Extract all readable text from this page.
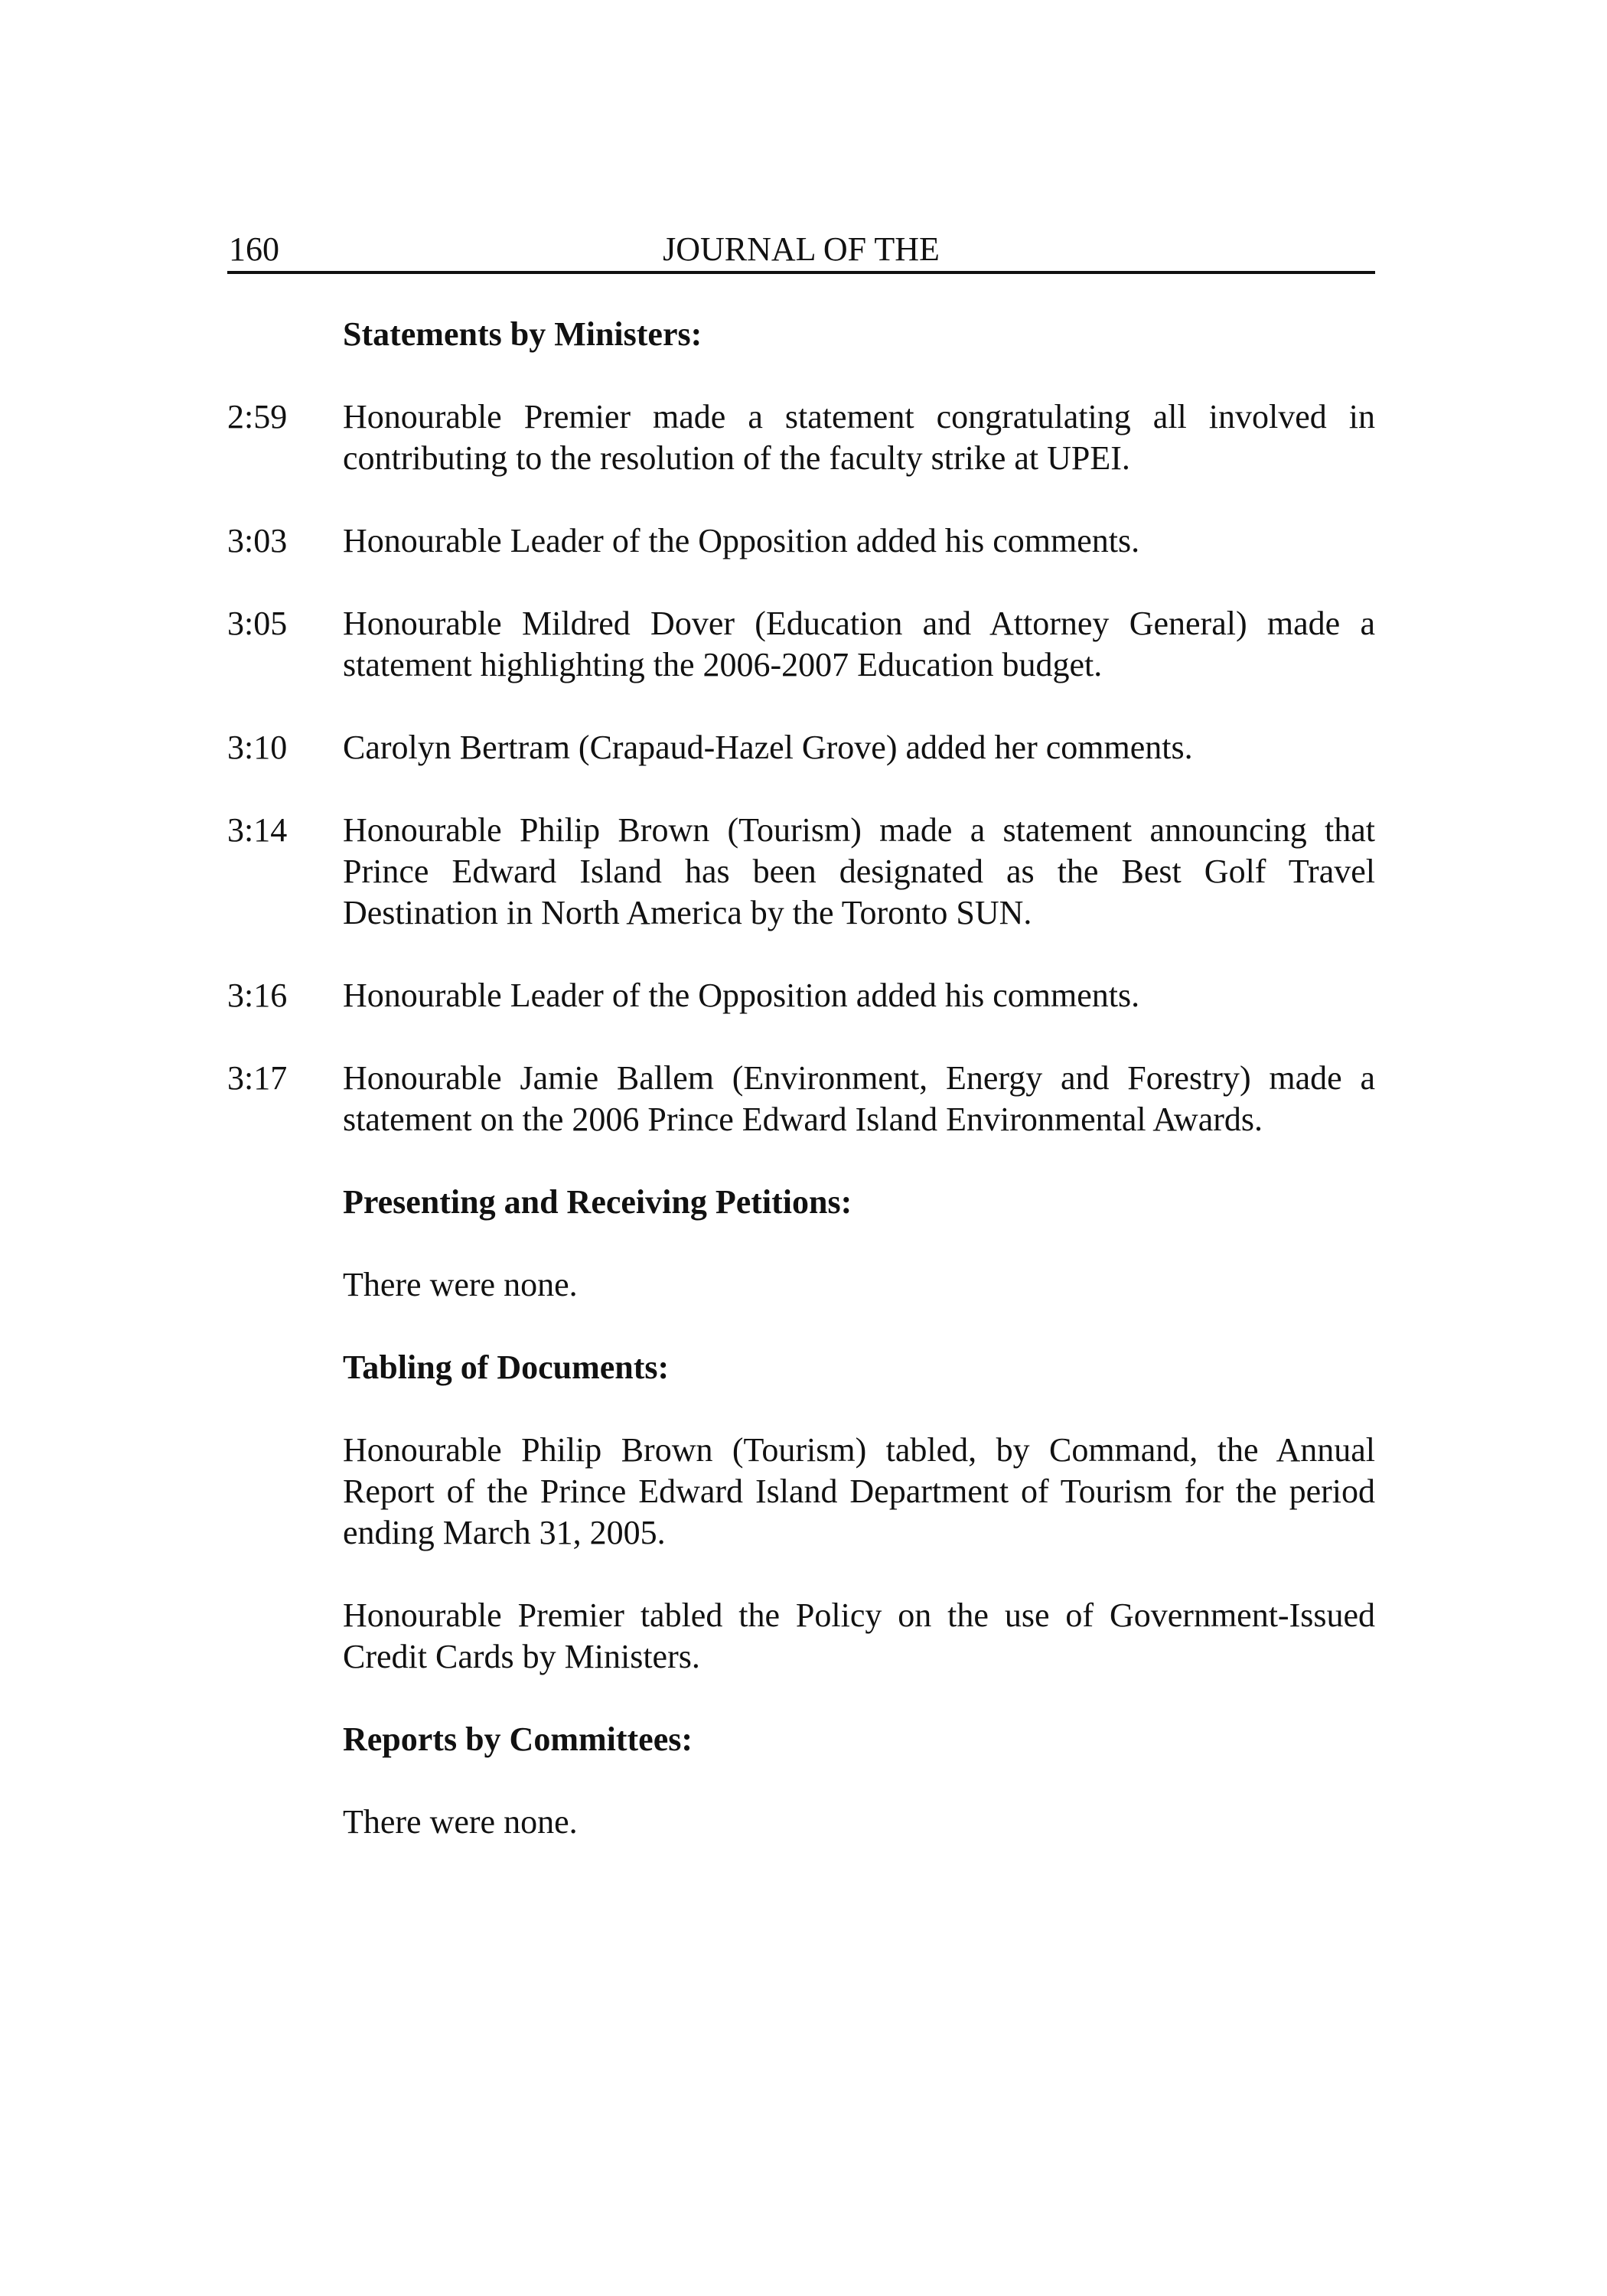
160	JOURNAL OF THE
Statements by Ministers:
2:59	Honourable Premier made a statement congratulating all involved in contributing to the resolution of the faculty strike at UPEI.
3:03	Honourable Leader of the Opposition added his comments.
3:05	Honourable Mildred Dover (Education and Attorney General) made a statement highlighting the 2006-2007 Education budget.
3:10	Carolyn Bertram (Crapaud-Hazel Grove) added her comments.
3:14	Honourable Philip Brown (Tourism) made a statement announcing that Prince Edward Island has been designated as the Best Golf Travel Destination in North America by the Toronto SUN.
3:16	Honourable Leader of the Opposition added his comments.
3:17	Honourable Jamie Ballem (Environment, Energy and Forestry) made a statement on the 2006 Prince Edward Island Environmental Awards.
Presenting and Receiving Petitions:
There were none.
Tabling of Documents:
Honourable Philip Brown (Tourism) tabled, by Command, the Annual Report of the Prince Edward Island Department of Tourism for the period ending March 31, 2005.
Honourable Premier tabled the Policy on the use of Government-Issued Credit Cards by Ministers.
Reports by Committees:
There were none.
